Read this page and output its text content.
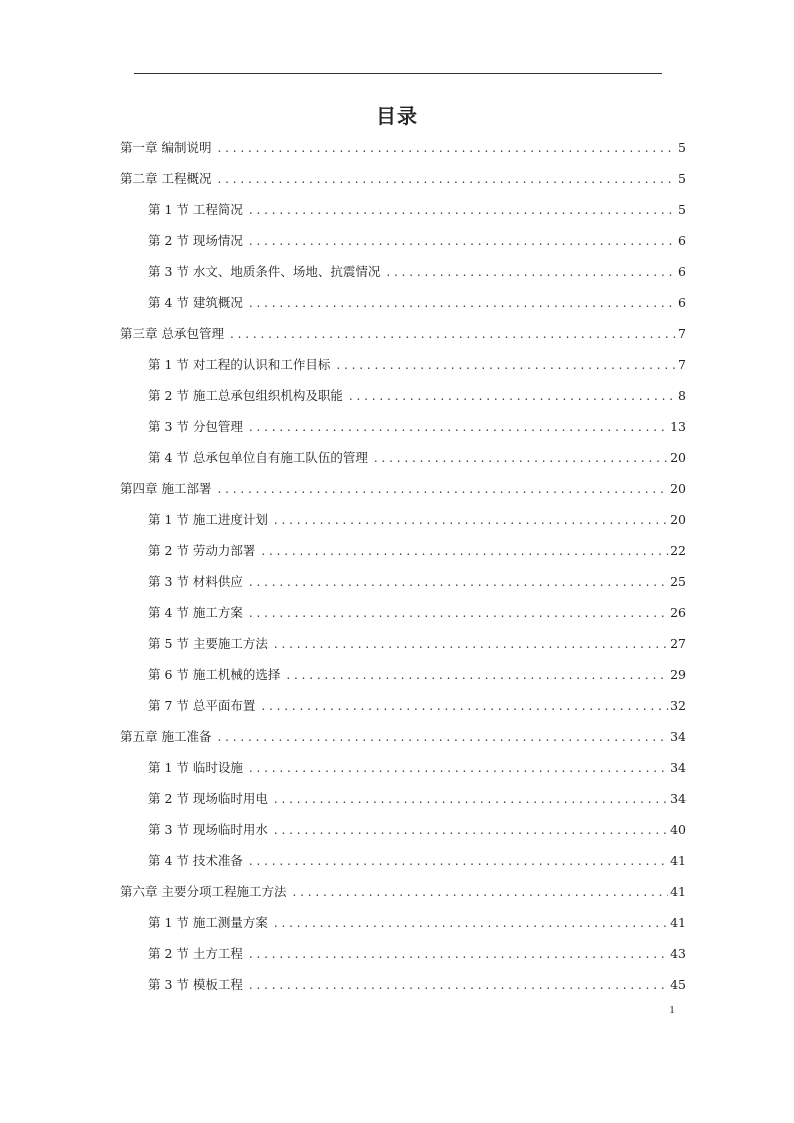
目录
第一章 编制说明 . . .	5
第二章 工程概况 . . .	5
第 1 节 工程简况 . . .	5
第 2 节 现场情况 . . .	6
第 3 节 水文、地质条件、场地、抗震情况 . . .	6
第 4 节 建筑概况 . . .	6
第三章 总承包管理 . . .	7
第 1 节 对工程的认识和工作目标 . . .	7
第 2 节 施工总承包组织机构及职能 . . .	8
第 3 节 分包管理 . . .	13
第 4 节 总承包单位自有施工队伍的管理 . . .	20
第四章 施工部署 . . .	20
第 1 节 施工进度计划 . . .	20
第 2 节 劳动力部署 . . .	22
第 3 节 材料供应 . . .	25
第 4 节 施工方案 . . .	26
第 5 节 主要施工方法 . . .	27
第 6 节 施工机械的选择 . . .	29
第 7 节 总平面布置 . . .	32
第五章 施工准备 . . .	34
第 1 节 临时设施 . . .	34
第 2 节 现场临时用电 . . .	34
第 3 节 现场临时用水 . . .	40
第 4 节 技术准备 . . .	41
第六章 主要分项工程施工方法 . . .	41
第 1 节 施工测量方案 . . .	41
第 2 节 土方工程 . . .	43
第 3 节 模板工程 . . .	45
1
